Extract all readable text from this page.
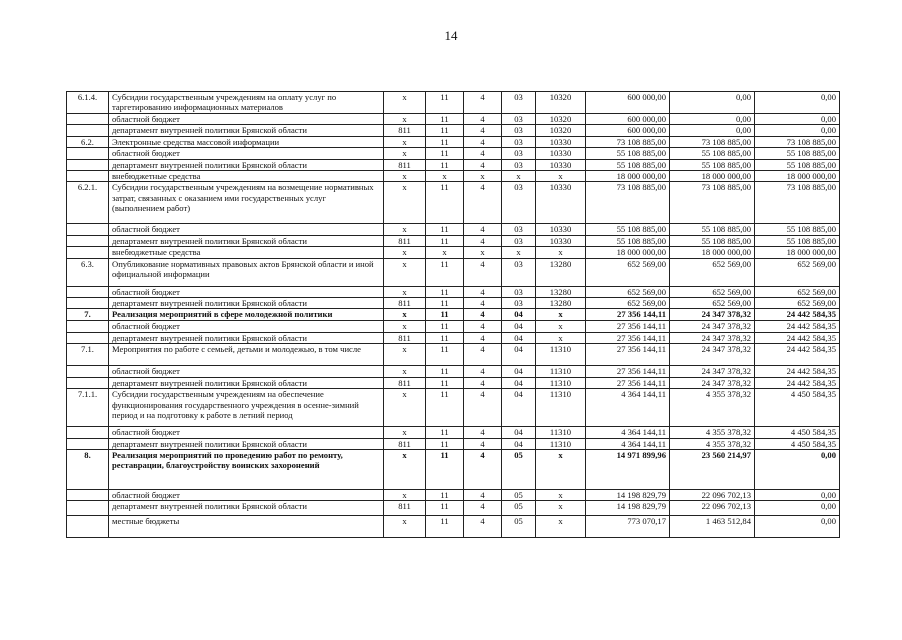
14
6.1.4.	Субсидии государственным учреждениям на оплату услуг по таргетированию информационных материалов	х	11	4	03	10320	600 000,00	0,00	0,00
	областной бюджет	х	11	4	03	10320	600 000,00	0,00	0,00
	департамент внутренней политики Брянской области	811	11	4	03	10320	600 000,00	0,00	0,00
6.2.	Электронные средства массовой информации	х	11	4	03	10330	73 108 885,00	73 108 885,00	73 108 885,00
	областной бюджет	х	11	4	03	10330	55 108 885,00	55 108 885,00	55 108 885,00
	департамент внутренней политики Брянской области	811	11	4	03	10330	55 108 885,00	55 108 885,00	55 108 885,00
	внебюджетные средства	х	х	х	х	х	18 000 000,00	18 000 000,00	18 000 000,00
6.2.1.	Субсидии государственным учреждениям на возмещение нормативных затрат, связанных с оказанием ими государственных услуг (выполнением работ)	х	11	4	03	10330	73 108 885,00	73 108 885,00	73 108 885,00
	областной бюджет	х	11	4	03	10330	55 108 885,00	55 108 885,00	55 108 885,00
	департамент внутренней политики Брянской области	811	11	4	03	10330	55 108 885,00	55 108 885,00	55 108 885,00
	внебюджетные средства	х	х	х	х	х	18 000 000,00	18 000 000,00	18 000 000,00
6.3.	Опубликование нормативных правовых актов Брянской области и иной официальной информации	х	11	4	03	13280	652 569,00	652 569,00	652 569,00
	областной бюджет	х	11	4	03	13280	652 569,00	652 569,00	652 569,00
	департамент внутренней политики Брянской области	811	11	4	03	13280	652 569,00	652 569,00	652 569,00
7.	Реализация мероприятий в сфере молодежной политики	х	11	4	04	х	27 356 144,11	24 347 378,32	24 442 584,35
	областной бюджет	х	11	4	04	х	27 356 144,11	24 347 378,32	24 442 584,35
	департамент внутренней политики Брянской области	811	11	4	04	х	27 356 144,11	24 347 378,32	24 442 584,35
7.1.	Мероприятия по работе с семьей, детьми и молодежью, в том числе	х	11	4	04	11310	27 356 144,11	24 347 378,32	24 442 584,35
	областной бюджет	х	11	4	04	11310	27 356 144,11	24 347 378,32	24 442 584,35
	департамент внутренней политики Брянской области	811	11	4	04	11310	27 356 144,11	24 347 378,32	24 442 584,35
7.1.1.	Субсидии государственным учреждениям на обеспечение функционирования государственного учреждения в осенне-зимний период и на подготовку к работе в летний период	х	11	4	04	11310	4 364 144,11	4 355 378,32	4 450 584,35
	областной бюджет	х	11	4	04	11310	4 364 144,11	4 355 378,32	4 450 584,35
	департамент внутренней политики Брянской области	811	11	4	04	11310	4 364 144,11	4 355 378,32	4 450 584,35
8.	Реализация мероприятий по проведению работ по ремонту, реставрации, благоустройству воинских захоронений	х	11	4	05	х	14 971 899,96	23 560 214,97	0,00
	областной бюджет	х	11	4	05	х	14 198 829,79	22 096 702,13	0,00
	департамент внутренней политики Брянской области	811	11	4	05	х	14 198 829,79	22 096 702,13	0,00
	местные бюджеты	х	11	4	05	х	773 070,17	1 463 512,84	0,00
